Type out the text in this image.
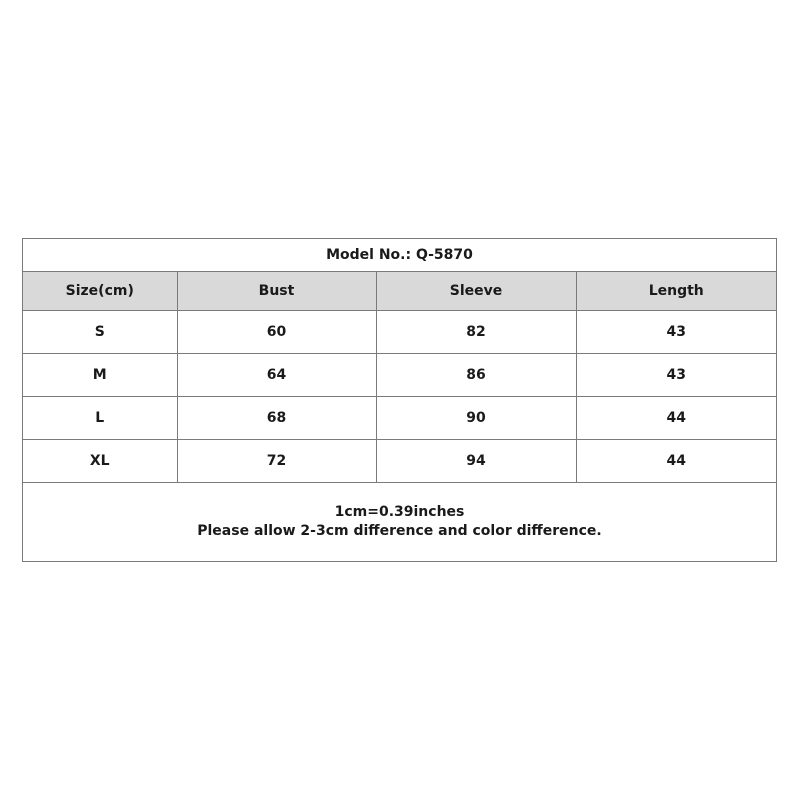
Model No.: Q-5870			
Size(cm)	Bust	Sleeve	Length
S	60	82	43
M	64	86	43
L	68	90	44
XL	72	94	44
1cm=0.39inches
Please allow 2-3cm difference and color difference.
